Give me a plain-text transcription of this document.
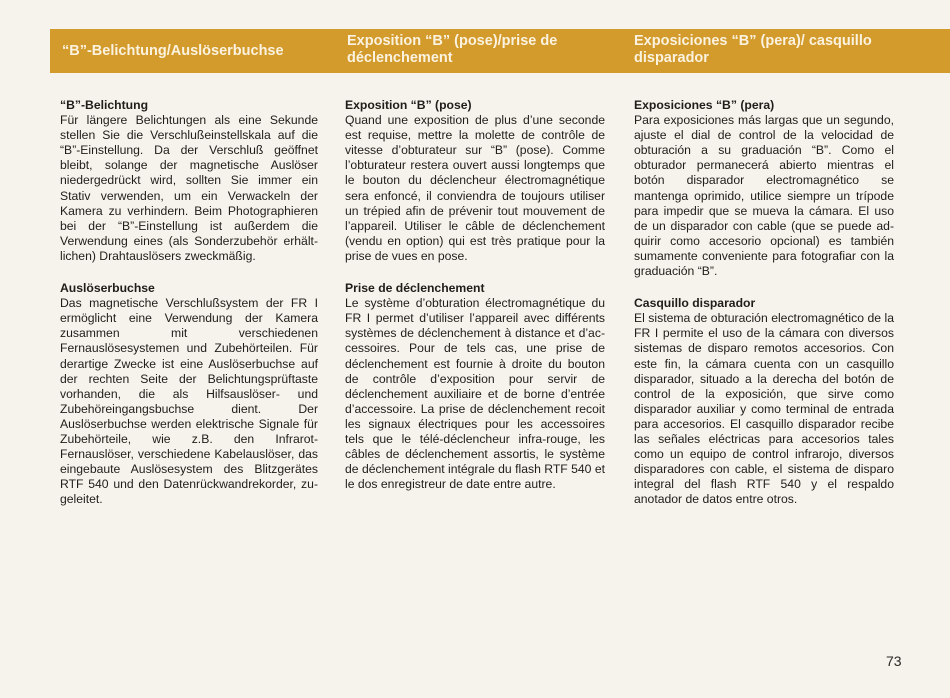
“B”-Belichtung/Auslöserbuchse
Exposition “B” (pose)/prise de déclenchement
Exposiciones “B” (pera)/ casquillo disparador

“B”-Belichtung

Für längere Belichtungen als eine Sekunde stellen Sie die Verschlußeinstellskala auf die “B”-Einstellung. Da der Verschluß geöffnet bleibt, solange der magnetische Auslöser niedergedrückt wird, sollten Sie immer ein Stativ verwenden, um ein Verwackeln der Kamera zu verhindern. Beim Photographieren bei der “B”-Einstellung ist außerdem die Verwendung eines (als Sonderzubehör erhältlichen) Drahtauslösers zweckmäßig.

Auslöserbuchse

Das magnetische Verschlußsystem der FR I ermöglicht eine Verwendung der Kamera zusammen mit verschiedenen Fernauslösesystemen und Zubehörteilen. Für derartige Zwecke ist eine Auslöserbuchse auf der rechten Seite der Belichtungsprüftaste vorhanden, die als Hilfsauslöser- und Zubehöreingangsbuchse dient. Der Auslöserbuchse werden elektrische Signale für Zubehörteile, wie z.B. den Infrarot-Fernauslöser, verschiedene Kabelauslöser, das eingebaute Auslösesystem des Blitzgerätes RTF 540 und den Datenrückwandrekorder, zugeleitet.

Exposition “B” (pose)

Quand une exposition de plus d’une seconde est requise, mettre la molette de contrôle de vitesse d’obturateur sur “B” (pose). Comme l’obturateur restera ouvert aussi longtemps que le bouton du déclencheur électromagnétique sera enfoncé, il conviendra de toujours utiliser un trépied afin de prévenir tout mouvement de l’appareil. Utiliser le câble de déclenchement (vendu en option) qui est très pratique pour la prise de vues en pose.

Prise de déclenchement

Le système d’obturation électromagnétique du FR I permet d’utiliser l’appareil avec différents systèmes de déclenchement à distance et d’accessoires. Pour de tels cas, une prise de déclenchement est fournie à droite du bouton de contrôle d’exposition pour servir de déclenchement auxiliaire et de borne d’entrée d’accessoire. La prise de déclenchement recoit les signaux électriques pour les accessoires tels que le télé-déclencheur infra-rouge, les câbles de déclenchement assortis, le système de déclenchement intégrale du flash RTF 540 et le dos enregistreur de date entre autre.

Exposiciones “B” (pera)

Para exposiciones más largas que un segundo, ajuste el dial de control de la velocidad de obturación a su graduación “B”. Como el obturador permanecerá abierto mientras el botón disparador electromagnético se mantenga oprimido, utilice siempre un trípode para impedir que se mueva la cámara. El uso de un disparador con cable (que se puede adquirir como accesorio opcional) es también sumamente conveniente para fotografiar con la graduación “B”.

Casquillo disparador

El sistema de obturación electromagnético de la FR I permite el uso de la cámara con diversos sistemas de disparo remotos accesorios. Con este fin, la cámara cuenta con un casquillo disparador, situado a la derecha del botón de control de la exposición, que sirve como disparador auxiliar y como terminal de entrada para accesorios. El casquillo disparador recibe las señales eléctricas para accesorios tales como un equipo de control infrarojo, diversos disparadores con cable, el sistema de disparo integral del flash RTF 540 y el respaldo anotador de datos entre otros.

73
